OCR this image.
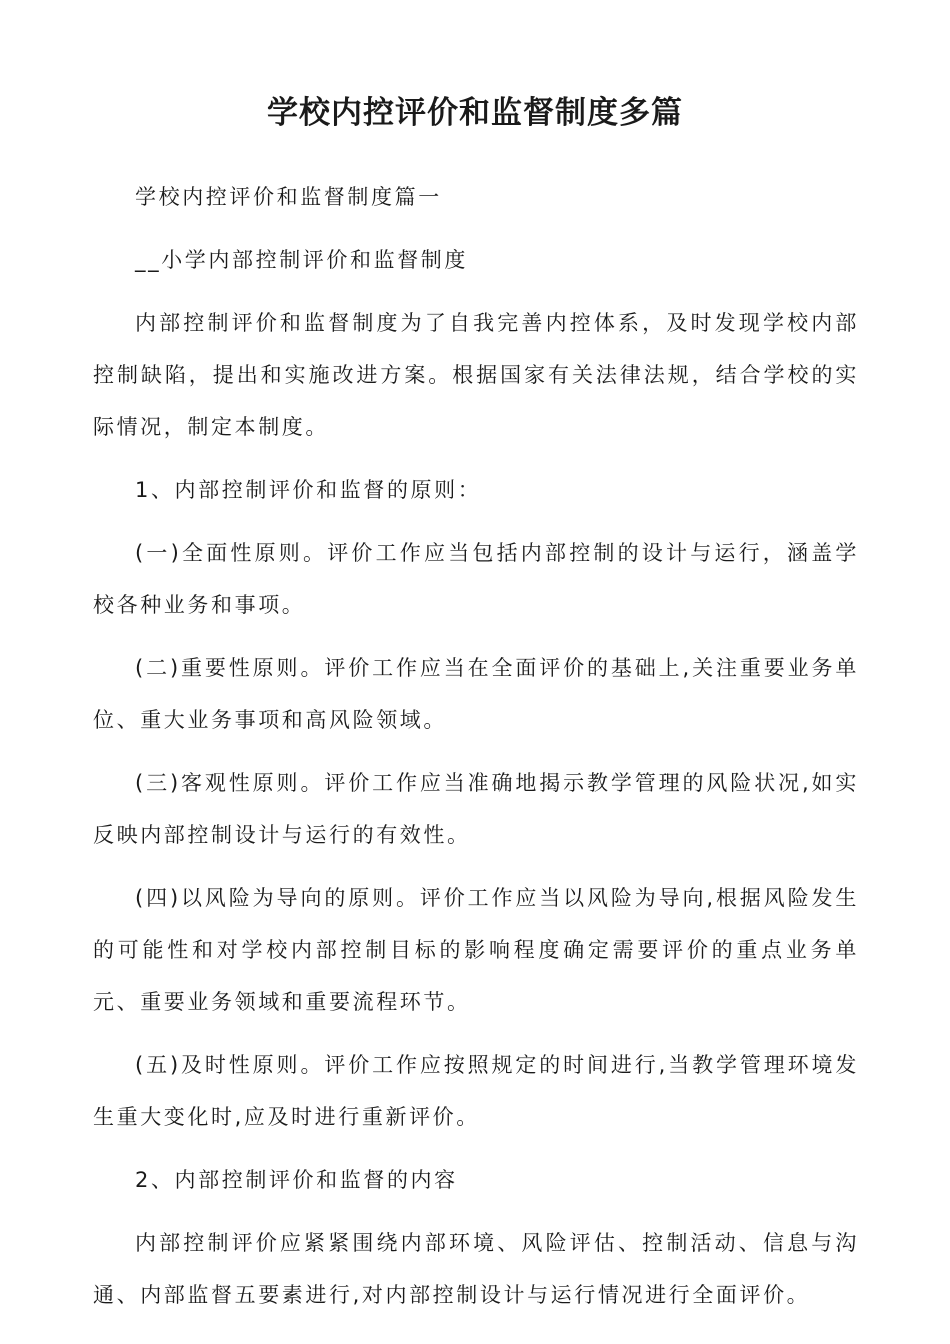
学校内控评价和监督制度多篇

学校内控评价和监督制度篇一

__小学内部控制评价和监督制度

内部控制评价和监督制度为了自我完善内控体系，及时发现学校内部控制缺陷，提出和实施改进方案。根据国家有关法律法规，结合学校的实际情况，制定本制度。

1、内部控制评价和监督的原则：

(一)全面性原则。评价工作应当包括内部控制的设计与运行，涵盖学校各种业务和事项。

(二)重要性原则。评价工作应当在全面评价的基础上,关注重要业务单位、重大业务事项和高风险领域。

(三)客观性原则。评价工作应当准确地揭示教学管理的风险状况,如实反映内部控制设计与运行的有效性。

(四)以风险为导向的原则。评价工作应当以风险为导向,根据风险发生的可能性和对学校内部控制目标的影响程度确定需要评价的重点业务单元、重要业务领域和重要流程环节。

(五)及时性原则。评价工作应按照规定的时间进行,当教学管理环境发生重大变化时,应及时进行重新评价。

2、内部控制评价和监督的内容

内部控制评价应紧紧围绕内部环境、风险评估、控制活动、信息与沟通、内部监督五要素进行,对内部控制设计与运行情况进行全面评价。
